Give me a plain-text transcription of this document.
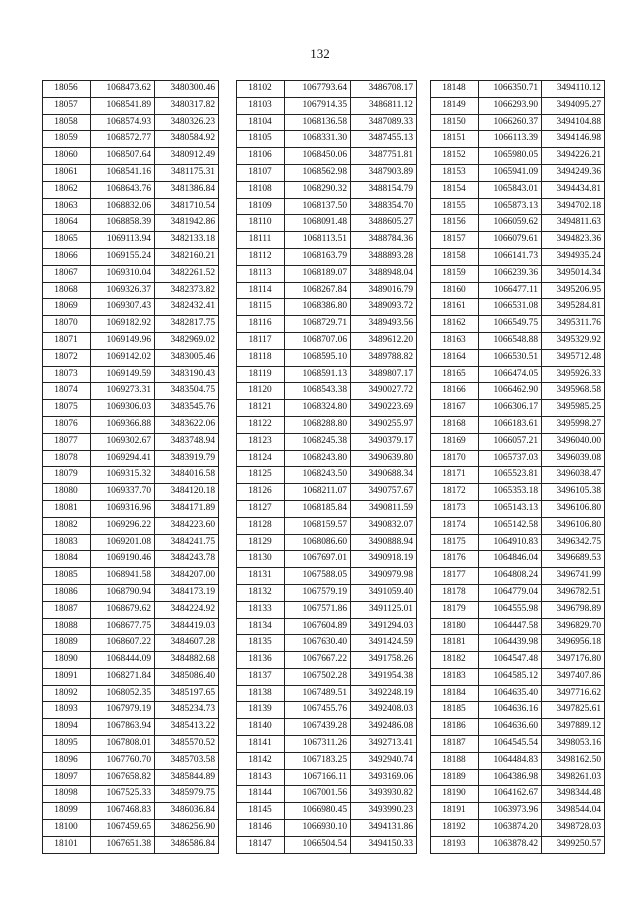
132
18056	1068473.62	3480300.46
18057	1068541.89	3480317.82
18058	1068574.93	3480326.23
18059	1068572.77	3480584.92
18060	1068507.64	3480912.49
18061	1068541.16	3481175.31
18062	1068643.76	3481386.84
18063	1068832.06	3481710.54
18064	1068858.39	3481942.86
18065	1069113.94	3482133.18
18066	1069155.24	3482160.21
18067	1069310.04	3482261.52
18068	1069326.37	3482373.82
18069	1069307.43	3482432.41
18070	1069182.92	3482817.75
18071	1069149.96	3482969.02
18072	1069142.02	3483005.46
18073	1069149.59	3483190.43
18074	1069273.31	3483504.75
18075	1069306.03	3483545.76
18076	1069366.88	3483622.06
18077	1069302.67	3483748.94
18078	1069294.41	3483919.79
18079	1069315.32	3484016.58
18080	1069337.70	3484120.18
18081	1069316.96	3484171.89
18082	1069296.22	3484223.60
18083	1069201.08	3484241.75
18084	1069190.46	3484243.78
18085	1068941.58	3484207.00
18086	1068790.94	3484173.19
18087	1068679.62	3484224.92
18088	1068677.75	3484419.03
18089	1068607.22	3484607.28
18090	1068444.09	3484882.68
18091	1068271.84	3485086.40
18092	1068052.35	3485197.65
18093	1067979.19	3485234.73
18094	1067863.94	3485413.22
18095	1067808.01	3485570.52
18096	1067760.70	3485703.58
18097	1067658.82	3485844.89
18098	1067525.33	3485979.75
18099	1067468.83	3486036.84
18100	1067459.65	3486256.90
18101	1067651.38	3486586.84
18102	1067793.64	3486708.17
18103	1067914.35	3486811.12
18104	1068136.58	3487089.33
18105	1068331.30	3487455.13
18106	1068450.06	3487751.81
18107	1068562.98	3487903.89
18108	1068290.32	3488154.79
18109	1068137.50	3488354.70
18110	1068091.48	3488605.27
18111	1068113.51	3488784.36
18112	1068163.79	3488893.28
18113	1068189.07	3488948.04
18114	1068267.84	3489016.79
18115	1068386.80	3489093.72
18116	1068729.71	3489493.56
18117	1068707.06	3489612.20
18118	1068595.10	3489788.82
18119	1068591.13	3489807.17
18120	1068543.38	3490027.72
18121	1068324.80	3490223.69
18122	1068288.80	3490255.97
18123	1068245.38	3490379.17
18124	1068243.80	3490639.80
18125	1068243.50	3490688.34
18126	1068211.07	3490757.67
18127	1068185.84	3490811.59
18128	1068159.57	3490832.07
18129	1068086.60	3490888.94
18130	1067697.01	3490918.19
18131	1067588.05	3490979.98
18132	1067579.19	3491059.40
18133	1067571.86	3491125.01
18134	1067604.89	3491294.03
18135	1067630.40	3491424.59
18136	1067667.22	3491758.26
18137	1067502.28	3491954.38
18138	1067489.51	3492248.19
18139	1067455.76	3492408.03
18140	1067439.28	3492486.08
18141	1067311.26	3492713.41
18142	1067183.25	3492940.74
18143	1067166.11	3493169.06
18144	1067001.56	3493930.82
18145	1066980.45	3493990.23
18146	1066930.10	3494131.86
18147	1066504.54	3494150.33
18148	1066350.71	3494110.12
18149	1066293.90	3494095.27
18150	1066260.37	3494104.88
18151	1066113.39	3494146.98
18152	1065980.05	3494226.21
18153	1065941.09	3494249.36
18154	1065843.01	3494434.81
18155	1065873.13	3494702.18
18156	1066059.62	3494811.63
18157	1066079.61	3494823.36
18158	1066141.73	3494935.24
18159	1066239.36	3495014.34
18160	1066477.11	3495206.95
18161	1066531.08	3495284.81
18162	1066549.75	3495311.76
18163	1066548.88	3495329.92
18164	1066530.51	3495712.48
18165	1066474.05	3495926.33
18166	1066462.90	3495968.58
18167	1066306.17	3495985.25
18168	1066183.61	3495998.27
18169	1066057.21	3496040.00
18170	1065737.03	3496039.08
18171	1065523.81	3496038.47
18172	1065353.18	3496105.38
18173	1065143.13	3496106.80
18174	1065142.58	3496106.80
18175	1064910.83	3496342.75
18176	1064846.04	3496689.53
18177	1064808.24	3496741.99
18178	1064779.04	3496782.51
18179	1064555.98	3496798.89
18180	1064447.58	3496829.70
18181	1064439.98	3496956.18
18182	1064547.48	3497176.80
18183	1064585.12	3497407.86
18184	1064635.40	3497716.62
18185	1064636.16	3497825.61
18186	1064636.60	3497889.12
18187	1064545.54	3498053.16
18188	1064484.83	3498162.50
18189	1064386.98	3498261.03
18190	1064162.67	3498344.48
18191	1063973.96	3498544.04
18192	1063874.20	3498728.03
18193	1063878.42	3499250.57
